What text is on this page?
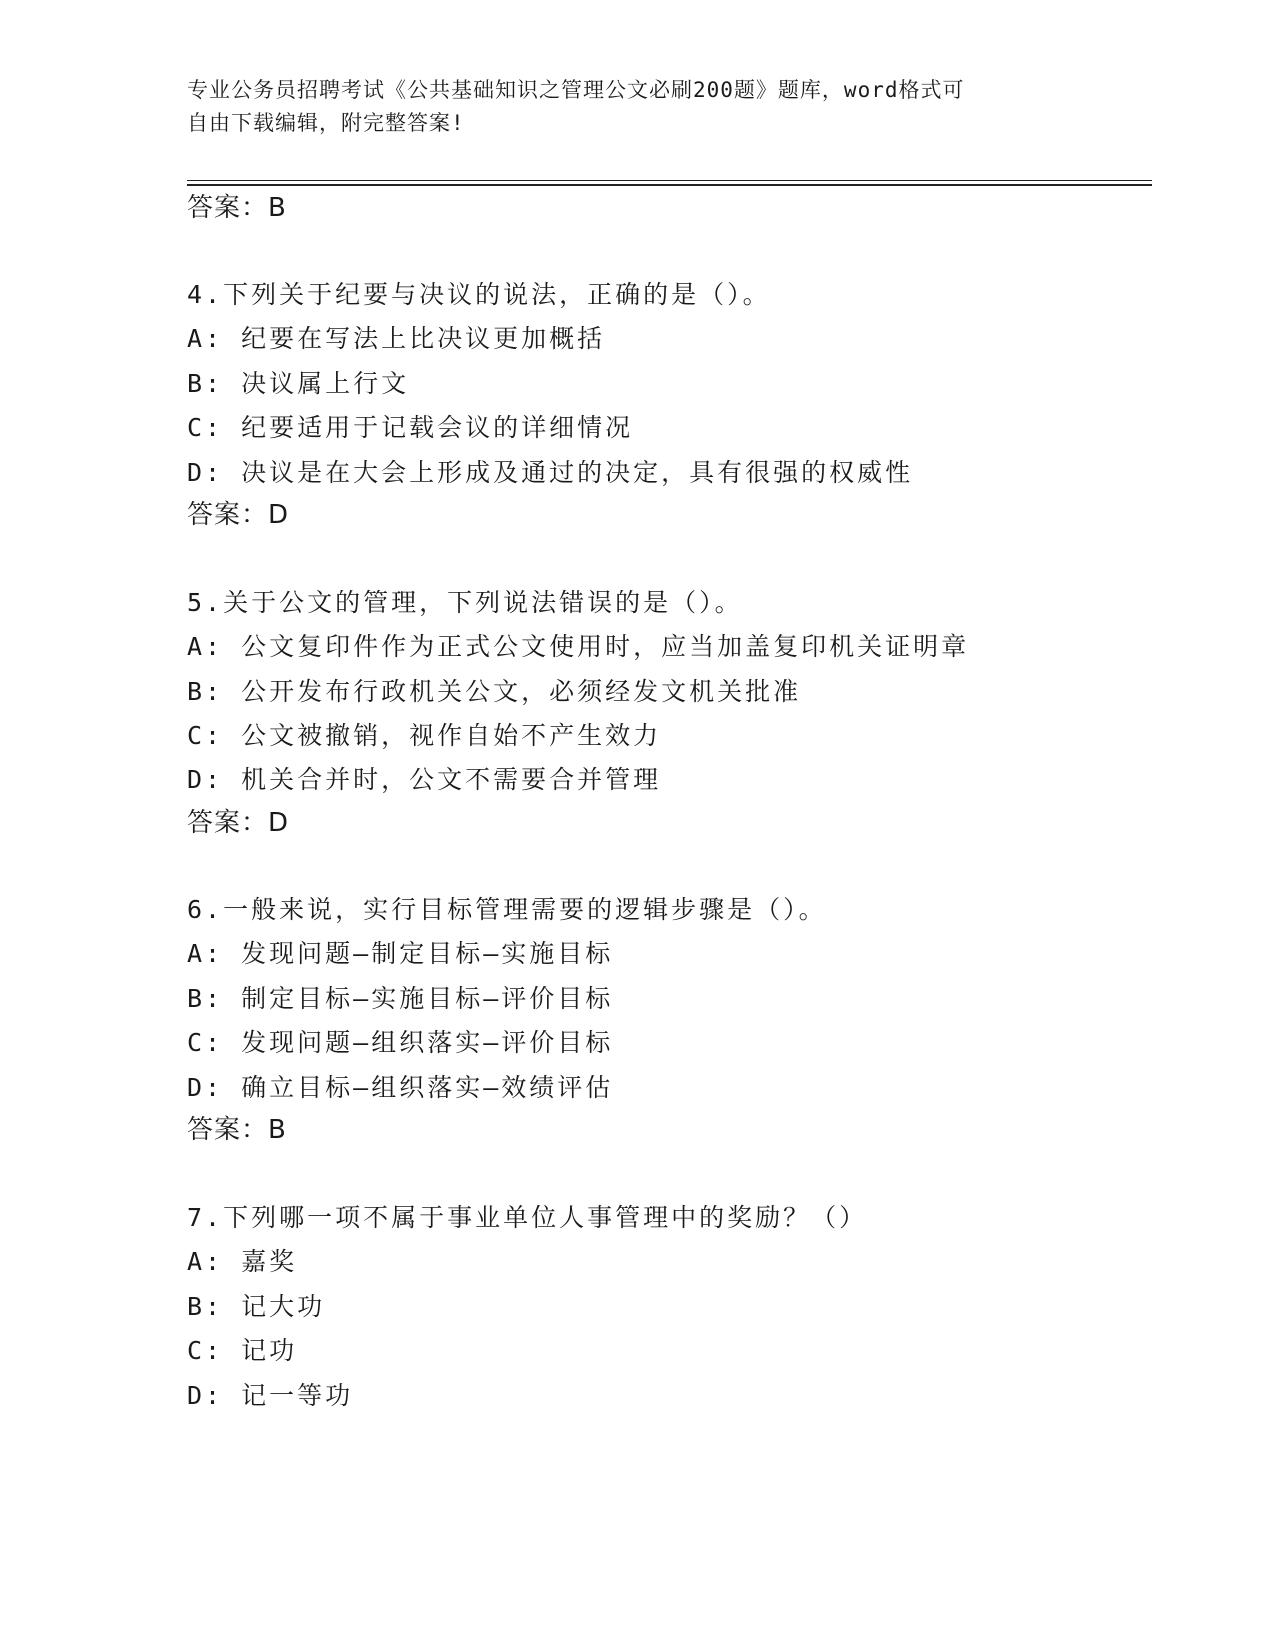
专业公务员招聘考试《公共基础知识之管理公文必刷200题》题库，word格式可
自由下载编辑，附完整答案!
答案：B
4.下列关于纪要与决议的说法，正确的是（）。
A: 纪要在写法上比决议更加概括
B: 决议属上行文
C: 纪要适用于记载会议的详细情况
D: 决议是在大会上形成及通过的决定，具有很强的权威性
答案：D
5.关于公文的管理，下列说法错误的是（）。
A: 公文复印件作为正式公文使用时，应当加盖复印机关证明章
B: 公开发布行政机关公文，必须经发文机关批准
C: 公文被撤销，视作自始不产生效力
D: 机关合并时，公文不需要合并管理
答案：D
6.一般来说，实行目标管理需要的逻辑步骤是（）。
A: 发现问题—制定目标—实施目标
B: 制定目标—实施目标—评价目标
C: 发现问题—组织落实—评价目标
D: 确立目标—组织落实—效绩评估
答案：B
7.下列哪一项不属于事业单位人事管理中的奖励？（）
A: 嘉奖
B: 记大功
C: 记功
D: 记一等功
